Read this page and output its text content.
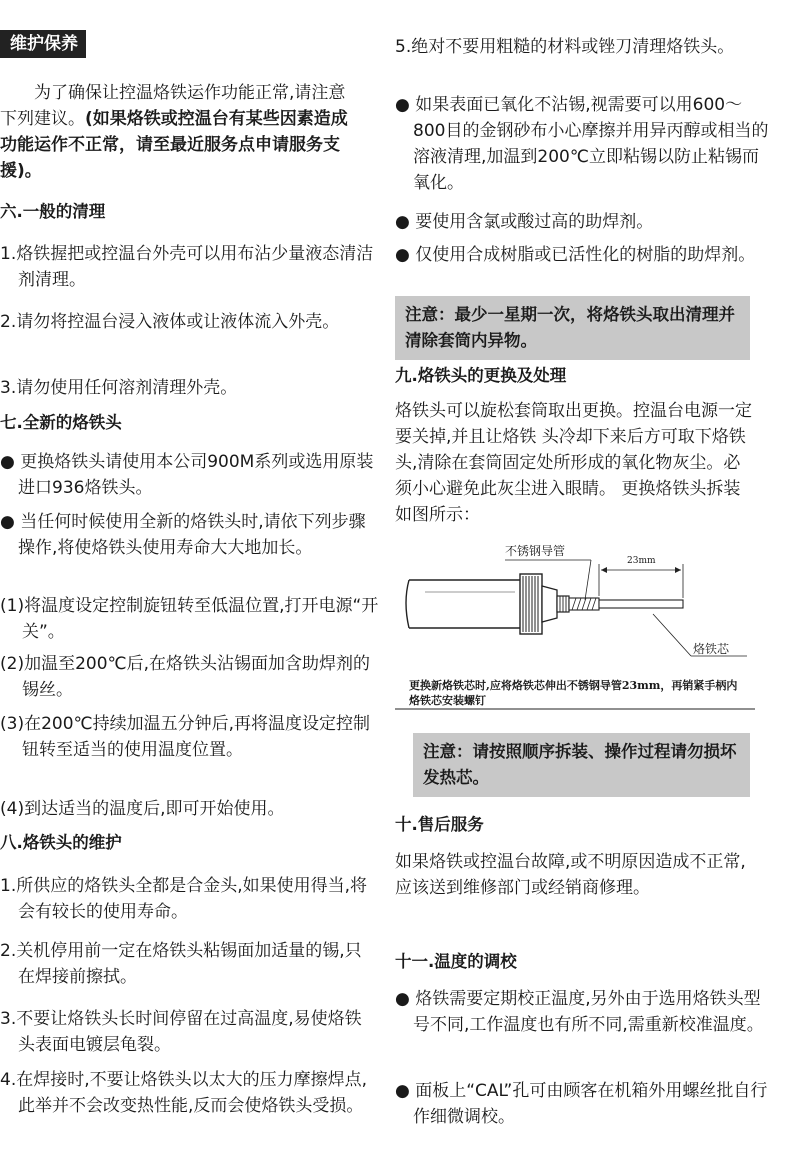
维护保养

为了确保让控温烙铁运作功能正常,请注意下列建议。(如果烙铁或控温台有某些因素造成功能运作不正常，请至最近服务点申请服务支援)。

六.一般的清理

1.烙铁握把或控温台外壳可以用布沾少量液态清洁剂清理。

2.请勿将控温台浸入液体或让液体流入外壳。

3.请勿使用任何溶剂清理外壳。

七.全新的烙铁头

● 更换烙铁头请使用本公司900M系列或选用原装进口936烙铁头。

● 当任何时候使用全新的烙铁头时,请依下列步骤操作,将使烙铁头使用寿命大大地加长。

(1)将温度设定控制旋钮转至低温位置,打开电源“开关”。

(2)加温至200℃后,在烙铁头沾锡面加含助焊剂的锡丝。

(3)在200℃持续加温五分钟后,再将温度设定控制钮转至适当的使用温度位置。

(4)到达适当的温度后,即可开始使用。

八.烙铁头的维护

1.所供应的烙铁头全都是合金头,如果使用得当,将会有较长的使用寿命。

2.关机停用前一定在烙铁头粘锡面加适量的锡,只在焊接前擦拭。

3.不要让烙铁头长时间停留在过高温度,易使烙铁头表面电镀层龟裂。

4.在焊接时,不要让烙铁头以太大的压力摩擦焊点,此举并不会改变热性能,反而会使烙铁头受损。

5.绝对不要用粗糙的材料或锉刀清理烙铁头。

● 如果表面已氧化不沾锡,视需要可以用600～800目的金钢砂布小心摩擦并用异丙醇或相当的溶液清理,加温到200℃立即粘锡以防止粘锡而氧化。

● 要使用含氯或酸过高的助焊剂。

● 仅使用合成树脂或已活性化的树脂的助焊剂。

注意：最少一星期一次，将烙铁头取出清理并清除套筒内异物。
九.烙铁头的更换及处理

烙铁头可以旋松套筒取出更换。控温台电源一定要关掉,并且让烙铁 头冷却下来后方可取下烙铁头,清除在套筒固定处所形成的氧化物灰尘。必须小心避免此灰尘进入眼睛。 更换烙铁头拆装如图所示：

不锈钢导管
23mm
烙铁芯

更换新烙铁芯时,应将烙铁芯伸出不锈钢导管23mm，再销紧手柄内烙铁芯安装螺钉

注意：请按照顺序拆装、操作过程请勿损坏发热芯。
十.售后服务

如果烙铁或控温台故障,或不明原因造成不正常,应该送到维修部门或经销商修理。

十一.温度的调校

● 烙铁需要定期校正温度,另外由于选用烙铁头型号不同,工作温度也有所不同,需重新校准温度。

● 面板上“CAL”孔可由顾客在机箱外用螺丝批自行作细微调校。
